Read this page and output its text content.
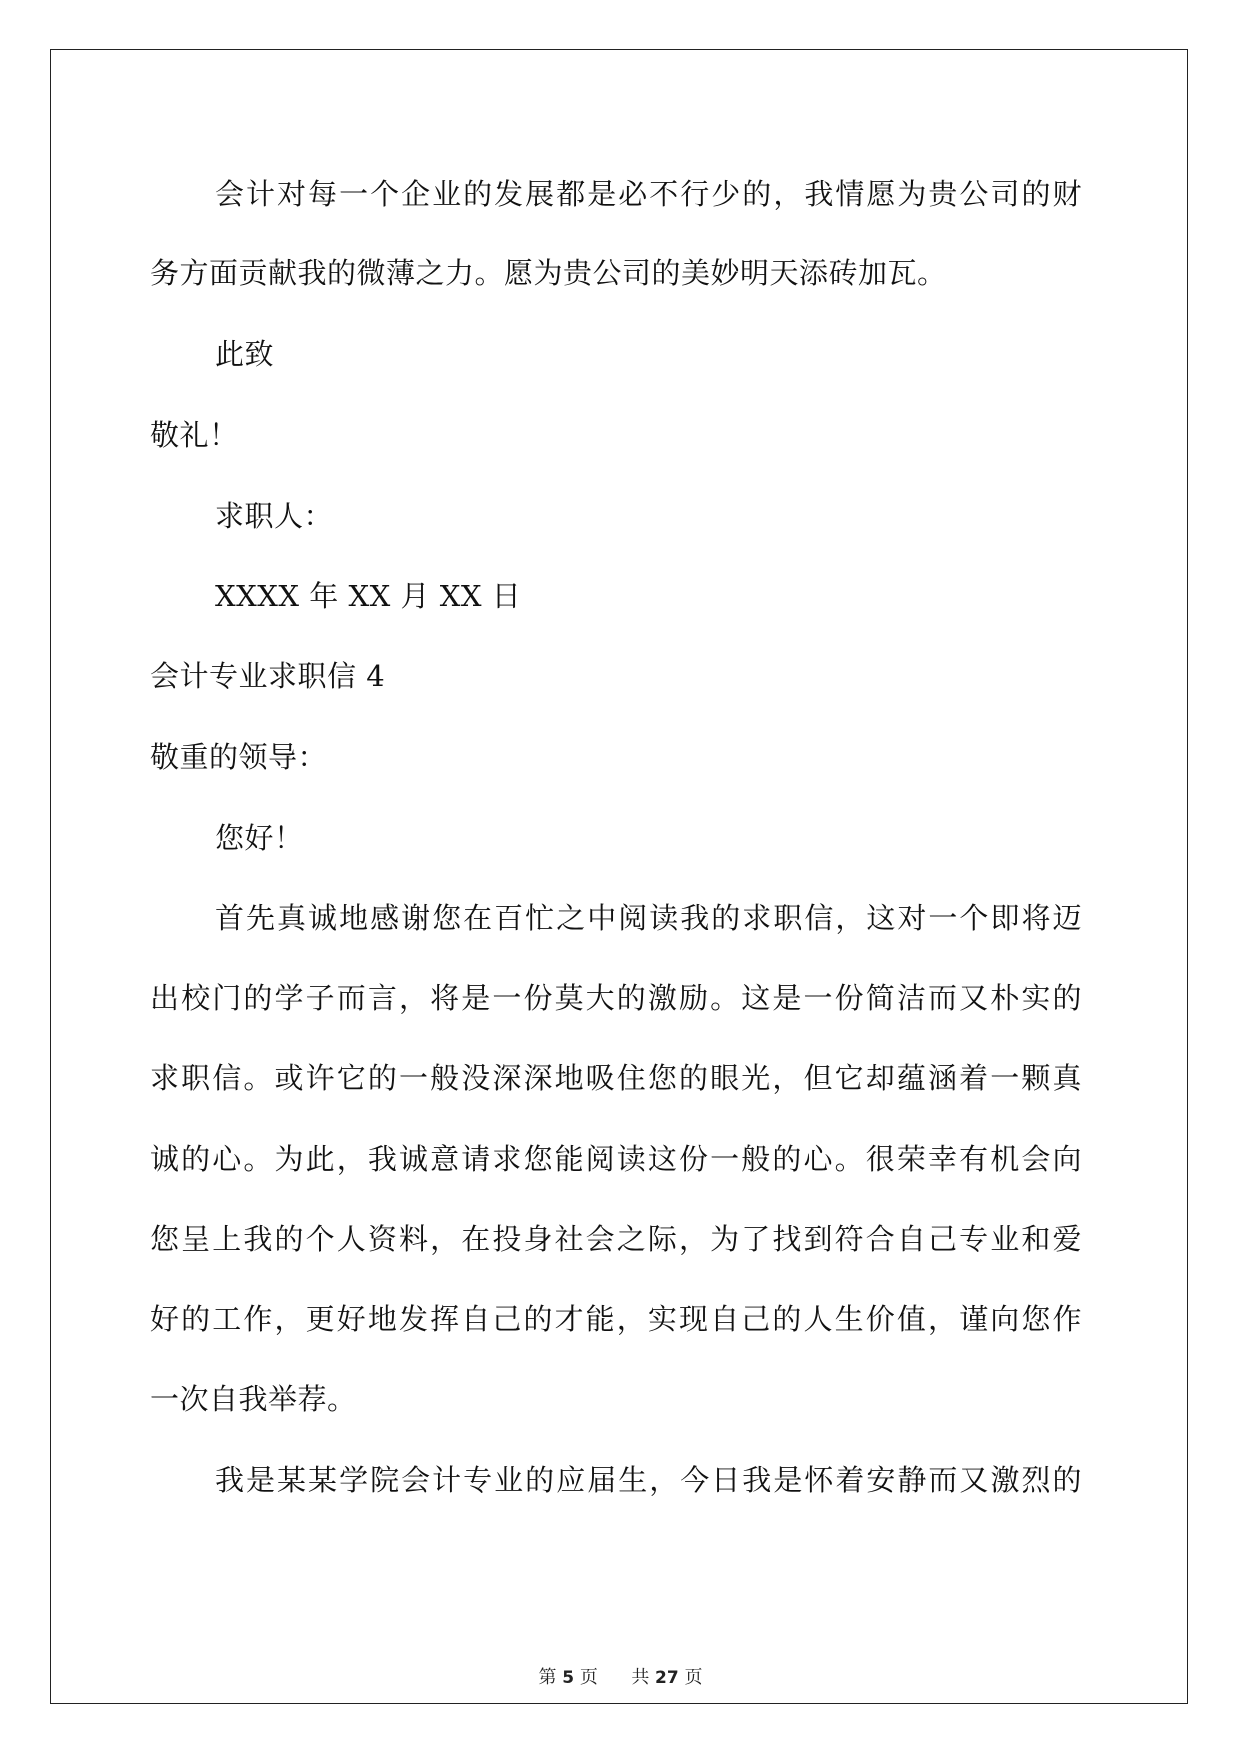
会计对每一个企业的发展都是必不行少的，我情愿为贵公司的财
务方面贡献我的微薄之力。愿为贵公司的美妙明天添砖加瓦。
此致
敬礼！
求职人：
XXXX 年 XX 月 XX 日
会计专业求职信 4
敬重的领导：
您好！
首先真诚地感谢您在百忙之中阅读我的求职信，这对一个即将迈
出校门的学子而言，将是一份莫大的激励。这是一份简洁而又朴实的
求职信。或许它的一般没深深地吸住您的眼光，但它却蕴涵着一颗真
诚的心。为此，我诚意请求您能阅读这份一般的心。很荣幸有机会向
您呈上我的个人资料，在投身社会之际，为了找到符合自己专业和爱
好的工作，更好地发挥自己的才能，实现自己的人生价值，谨向您作
一次自我举荐。
我是某某学院会计专业的应届生，今日我是怀着安静而又激烈的
第 5 页 共 27 页
